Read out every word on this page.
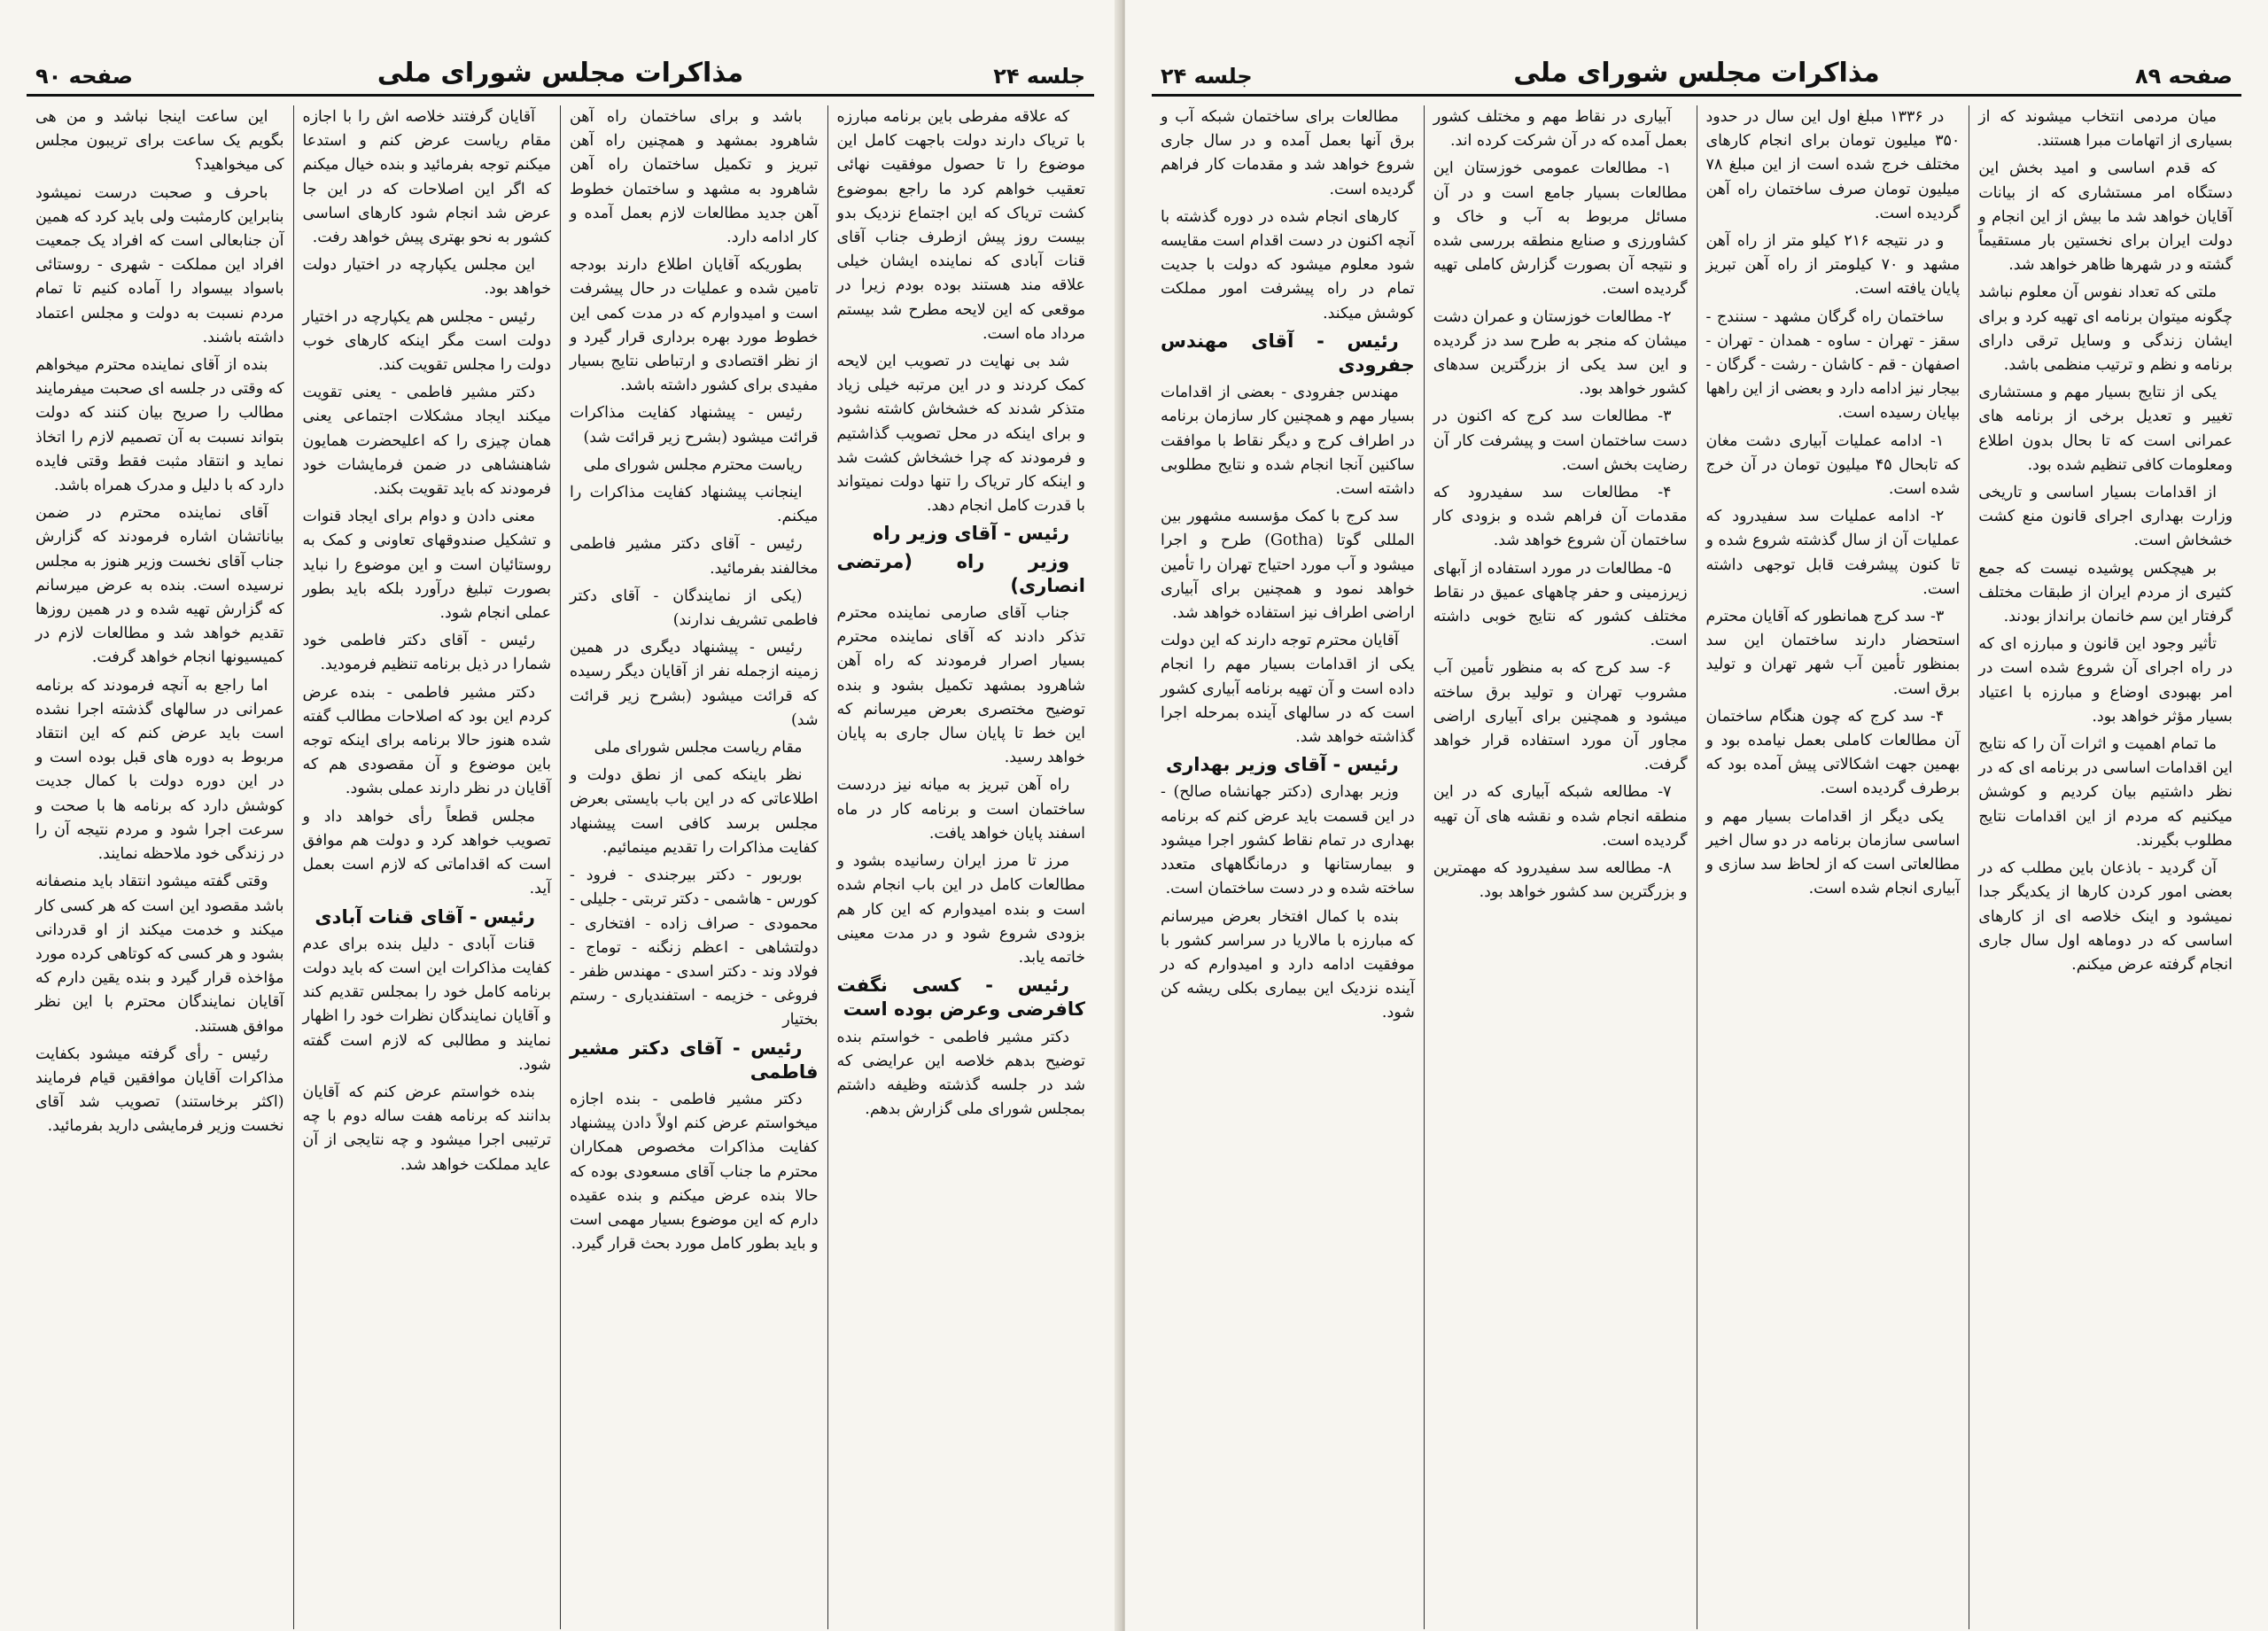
جلسه ۲۴
مذاکرات مجلس شورای ملی
صفحه ۹۰

که علاقه مفرطی باین برنامه مبارزه با تریاک دارند دولت باجهت کامل این موضوع را تا حصول موفقیت نهائی تعقیب خواهم کرد ما راجع بموضوع کشت تریاک که این اجتماع نزدیک بدو بیست روز پیش ازطرف جناب آقای قنات آبادی که نماینده ایشان خیلی علاقه مند هستند بوده بودم زیرا در موقعی که این لایحه مطرح شد بیستم مرداد ماه است.

شد بی نهایت در تصویب این لایحه کمک کردند و در این مرتبه خیلی زیاد متذکر شدند که خشخاش کاشته نشود و برای اینکه در محل تصویب گذاشتیم و فرمودند که چرا خشخاش کشت شد و اینکه کار تریاک را تنها دولت نمیتواند با قدرت کامل انجام دهد.

رئیس - آقای وزیر راه

وزیر راه (مرتضی انصاری)

جناب آقای صارمی نماینده محترم تذکر دادند که آقای نماینده محترم بسیار اصرار فرمودند که راه آهن شاهرود بمشهد تکمیل بشود و بنده توضیح مختصری بعرض میرسانم که این خط تا پایان سال جاری به پایان خواهد رسید.

راه آهن تبریز به میانه نیز دردست ساختمان است و برنامه کار در ماه اسفند پایان خواهد یافت.

مرز تا مرز ایران رسانیده بشود و مطالعات کامل در این باب انجام شده است و بنده امیدوارم که این کار هم بزودی شروع شود و در مدت معینی خاتمه یابد.

رئیس - کسی نگفت کافرضی وعرض بوده است

دکتر مشیر فاطمی - خواستم بنده توضیح بدهم خلاصه این عرایضی که شد در جلسه گذشته وظیفه داشتم بمجلس شورای ملی گزارش بدهم.

باشد و برای ساختمان راه آهن شاهرود بمشهد و همچنین راه آهن تبریز و تکمیل ساختمان راه آهن شاهرود به مشهد و ساختمان خطوط آهن جدید مطالعات لازم بعمل آمده و کار ادامه دارد.

بطوریکه آقایان اطلاع دارند بودجه تامین شده و عملیات در حال پیشرفت است و امیدوارم که در مدت کمی این خطوط مورد بهره برداری قرار گیرد و از نظر اقتصادی و ارتباطی نتایج بسیار مفیدی برای کشور داشته باشد.

رئیس - پیشنهاد کفایت مذاکرات قرائت میشود (بشرح زیر قرائت شد)

ریاست محترم مجلس شورای ملی

اینجانب پیشنهاد کفایت مذاکرات را میکنم.

رئیس - آقای دکتر مشیر فاطمی مخالفند بفرمائید.

(یکی از نمایندگان - آقای دکتر فاطمی تشریف ندارند)

رئیس - پیشنهاد دیگری در همین زمینه ازجمله نفر از آقایان دیگر رسیده که قرائت میشود (بشرح زیر قرائت شد)

مقام ریاست مجلس شورای ملی

نظر باینکه کمی از نطق دولت و اطلاعاتی که در این باب بایستی بعرض مجلس برسد کافی است پیشنهاد کفایت مذاکرات را تقدیم مینمائیم.

بوربور - دکتر بیرجندی - فرود - کورس - هاشمی - دکتر تربتی - جلیلی - محمودی - صراف زاده - افتخاری - دولتشاهی - اعظم زنگنه - توماج - فولاد وند - دکتر اسدی - مهندس ظفر - فروغی - خزیمه - استفندیاری - رستم بختیار

رئیس - آقای دکتر مشیر فاطمی

دکتر مشیر فاطمی - بنده اجازه میخواستم عرض کنم اولاً دادن پیشنهاد کفایت مذاکرات مخصوص همکاران محترم ما جناب آقای مسعودی بوده که حالا بنده عرض میکنم و بنده عقیده دارم که این موضوع بسیار مهمی است و باید بطور کامل مورد بحث قرار گیرد.

آقایان گرفتند خلاصه اش را با اجازه مقام ریاست عرض کنم و استدعا میکنم توجه بفرمائید و بنده خیال میکنم که اگر این اصلاحات که در این جا عرض شد انجام شود کارهای اساسی کشور به نحو بهتری پیش خواهد رفت.

این مجلس یکپارچه در اختیار دولت خواهد بود.

رئیس - مجلس هم یکپارچه در اختیار دولت است مگر اینکه کارهای خوب دولت را مجلس تقویت کند.

دکتر مشیر فاطمی - یعنی تقویت میکند ایجاد مشکلات اجتماعی یعنی همان چیزی را که اعلیحضرت همایون شاهنشاهی در ضمن فرمایشات خود فرمودند که باید تقویت بکند.

معنی دادن و دوام برای ایجاد قنوات و تشکیل صندوقهای تعاونی و کمک به روستائیان است و این موضوع را نباید بصورت تبلیغ درآورد بلکه باید بطور عملی انجام شود.

رئیس - آقای دکتر فاطمی خود شمارا در ذیل برنامه تنظیم فرمودید.

دکتر مشیر فاطمی - بنده عرض کردم این بود که اصلاحات مطالب گفته شده هنوز حالا برنامه برای اینکه توجه باین موضوع و آن مقصودی هم که آقایان در نظر دارند عملی بشود.

مجلس قطعاً رأی خواهد داد و تصویب خواهد کرد و دولت هم موافق است که اقداماتی که لازم است بعمل آید.

رئیس - آقای قنات آبادی

قنات آبادی - دلیل بنده برای عدم کفایت مذاکرات این است که باید دولت برنامه کامل خود را بمجلس تقدیم کند و آقایان نمایندگان نظرات خود را اظهار نمایند و مطالبی که لازم است گفته شود.

بنده خواستم عرض کنم که آقایان بدانند که برنامه هفت ساله دوم با چه ترتیبی اجرا میشود و چه نتایجی از آن عاید مملکت خواهد شد.

این ساعت اینجا نباشد و من هی بگویم یک ساعت برای تریبون مجلس کی میخواهید؟

باحرف و صحبت درست نمیشود بنابراین کارمثبت ولی باید کرد که همین آن جنابعالی است که افراد یک جمعیت افراد این مملکت - شهری - روستائی باسواد بیسواد را آماده کنیم تا تمام مردم نسبت به دولت و مجلس اعتماد داشته باشند.

بنده از آقای نماینده محترم میخواهم که وقتی در جلسه ای صحبت میفرمایند مطالب را صریح بیان کنند که دولت بتواند نسبت به آن تصمیم لازم را اتخاذ نماید و انتقاد مثبت فقط وقتی فایده دارد که با دلیل و مدرک همراه باشد.

آقای نماینده محترم در ضمن بیاناتشان اشاره فرمودند که گزارش جناب آقای نخست وزیر هنوز به مجلس نرسیده است. بنده به عرض میرسانم که گزارش تهیه شده و در همین روزها تقدیم خواهد شد و مطالعات لازم در کمیسیونها انجام خواهد گرفت.

اما راجع به آنچه فرمودند که برنامه عمرانی در سالهای گذشته اجرا نشده است باید عرض کنم که این انتقاد مربوط به دوره های قبل بوده است و در این دوره دولت با کمال جدیت کوشش دارد که برنامه ها با صحت و سرعت اجرا شود و مردم نتیجه آن را در زندگی خود ملاحظه نمایند.

وقتی گفته میشود انتقاد باید منصفانه باشد مقصود این است که هر کسی کار میکند و خدمت میکند از او قدردانی بشود و هر کسی که کوتاهی کرده مورد مؤاخذه قرار گیرد و بنده یقین دارم که آقایان نمایندگان محترم با این نظر موافق هستند.

رئیس - رأی گرفته میشود بکفایت مذاکرات آقایان موافقین قیام فرمایند (اکثر برخاستند) تصویب شد آقای نخست وزیر فرمایشی دارید بفرمائید.

صفحه ۸۹
مذاکرات مجلس شورای ملی
جلسه ۲۴

میان مردمی انتخاب میشوند که از بسیاری از اتهامات مبرا هستند.

که قدم اساسی و امید بخش این دستگاه امر مستشاری که از بیانات آقایان خواهد شد ما بیش از این انجام و دولت ایران برای نخستین بار مستقیماً گشته و در شهرها ظاهر خواهد شد.

ملتی که تعداد نفوس آن معلوم نباشد چگونه میتوان برنامه ای تهیه کرد و برای ایشان زندگی و وسایل ترقی دارای برنامه و نظم و ترتیب منظمی باشد.

یکی از نتایج بسیار مهم و مستشاری تغییر و تعدیل برخی از برنامه های عمرانی است که تا بحال بدون اطلاع ومعلومات کافی تنظیم شده بود.

از اقدامات بسیار اساسی و تاریخی وزارت بهداری اجرای قانون منع کشت خشخاش است.

بر هیچکس پوشیده نیست که جمع کثیری از مردم ایران از طبقات مختلف گرفتار این سم خانمان برانداز بودند.

تأثیر وجود این قانون و مبارزه ای که در راه اجرای آن شروع شده است در امر بهبودی اوضاع و مبارزه با اعتیاد بسیار مؤثر خواهد بود.

ما تمام اهمیت و اثرات آن را که نتایج این اقدامات اساسی در برنامه ای که در نظر داشتیم بیان کردیم و کوشش میکنیم که مردم از این اقدامات نتایج مطلوب بگیرند.

آن گردید - باذعان باین مطلب که در بعضی امور کردن کارها از یکدیگر جدا نمیشود و اینک خلاصه ای از کارهای اساسی که در دوماهه اول سال جاری انجام گرفته عرض میکنم.

در ۱۳۳۶ مبلغ اول این سال در حدود ۳۵۰ میلیون تومان برای انجام کارهای مختلف خرج شده است از این مبلغ ۷۸ میلیون تومان صرف ساختمان راه آهن گردیده است.

و در نتیجه ۲۱۶ کیلو متر از راه آهن مشهد و ۷۰ کیلومتر از راه آهن تبریز پایان یافته است.

ساختمان راه گرگان مشهد - سنندج - سقز - تهران - ساوه - همدان - تهران - اصفهان - قم - کاشان - رشت - گرگان - بیجار نیز ادامه دارد و بعضی از این راهها بپایان رسیده است.

۱- ادامه عملیات آبیاری دشت مغان که تابحال ۴۵ میلیون تومان در آن خرج شده است.

۲- ادامه عملیات سد سفیدرود که عملیات آن از سال گذشته شروع شده و تا کنون پیشرفت قابل توجهی داشته است.

۳- سد کرج همانطور که آقایان محترم استحضار دارند ساختمان این سد بمنظور تأمین آب شهر تهران و تولید برق است.

۴- سد کرج که چون هنگام ساختمان آن مطالعات کاملی بعمل نیامده بود و بهمین جهت اشکالاتی پیش آمده بود که برطرف گردیده است.

یکی دیگر از اقدامات بسیار مهم و اساسی سازمان برنامه در دو سال اخیر مطالعاتی است که از لحاظ سد سازی و آبیاری انجام شده است.

آبیاری در نقاط مهم و مختلف کشور بعمل آمده که در آن شرکت کرده اند.

۱- مطالعات عمومی خوزستان این مطالعات بسیار جامع است و در آن مسائل مربوط به آب و خاک و کشاورزی و صنایع منطقه بررسی شده و نتیجه آن بصورت گزارش کاملی تهیه گردیده است.

۲- مطالعات خوزستان و عمران دشت میشان که منجر به طرح سد دز گردیده و این سد یکی از بزرگترین سدهای کشور خواهد بود.

۳- مطالعات سد کرج که اکنون در دست ساختمان است و پیشرفت کار آن رضایت بخش است.

۴- مطالعات سد سفیدرود که مقدمات آن فراهم شده و بزودی کار ساختمان آن شروع خواهد شد.

۵- مطالعات در مورد استفاده از آبهای زیرزمینی و حفر چاههای عمیق در نقاط مختلف کشور که نتایج خوبی داشته است.

۶- سد کرج که به منظور تأمین آب مشروب تهران و تولید برق ساخته میشود و همچنین برای آبیاری اراضی مجاور آن مورد استفاده قرار خواهد گرفت.

۷- مطالعه شبکه آبیاری که در این منطقه انجام شده و نقشه های آن تهیه گردیده است.

۸- مطالعه سد سفیدرود که مهمترین و بزرگترین سد کشور خواهد بود.

مطالعات برای ساختمان شبکه آب و برق آنها بعمل آمده و در سال جاری شروع خواهد شد و مقدمات کار فراهم گردیده است.

کارهای انجام شده در دوره گذشته با آنچه اکنون در دست اقدام است مقایسه شود معلوم میشود که دولت با جدیت تمام در راه پیشرفت امور مملکت کوشش میکند.

رئیس - آقای مهندس جفرودی

مهندس جفرودی - بعضی از اقدامات بسیار مهم و همچنین کار سازمان برنامه در اطراف کرج و دیگر نقاط با موافقت ساکنین آنجا انجام شده و نتایج مطلوبی داشته است.

سد کرج با کمک مؤسسه مشهور بین المللی گوتا (Gotha) طرح و اجرا میشود و آب مورد احتیاج تهران را تأمین خواهد نمود و همچنین برای آبیاری اراضی اطراف نیز استفاده خواهد شد.

آقایان محترم توجه دارند که این دولت یکی از اقدامات بسیار مهم را انجام داده است و آن تهیه برنامه آبیاری کشور است که در سالهای آینده بمرحله اجرا گذاشته خواهد شد.

رئیس - آقای وزیر بهداری

وزیر بهداری (دکتر جهانشاه صالح) - در این قسمت باید عرض کنم که برنامه بهداری در تمام نقاط کشور اجرا میشود و بیمارستانها و درمانگاههای متعدد ساخته شده و در دست ساختمان است.

بنده با کمال افتخار بعرض میرسانم که مبارزه با مالاریا در سراسر کشور با موفقیت ادامه دارد و امیدوارم که در آینده نزدیک این بیماری بکلی ریشه کن شود.
